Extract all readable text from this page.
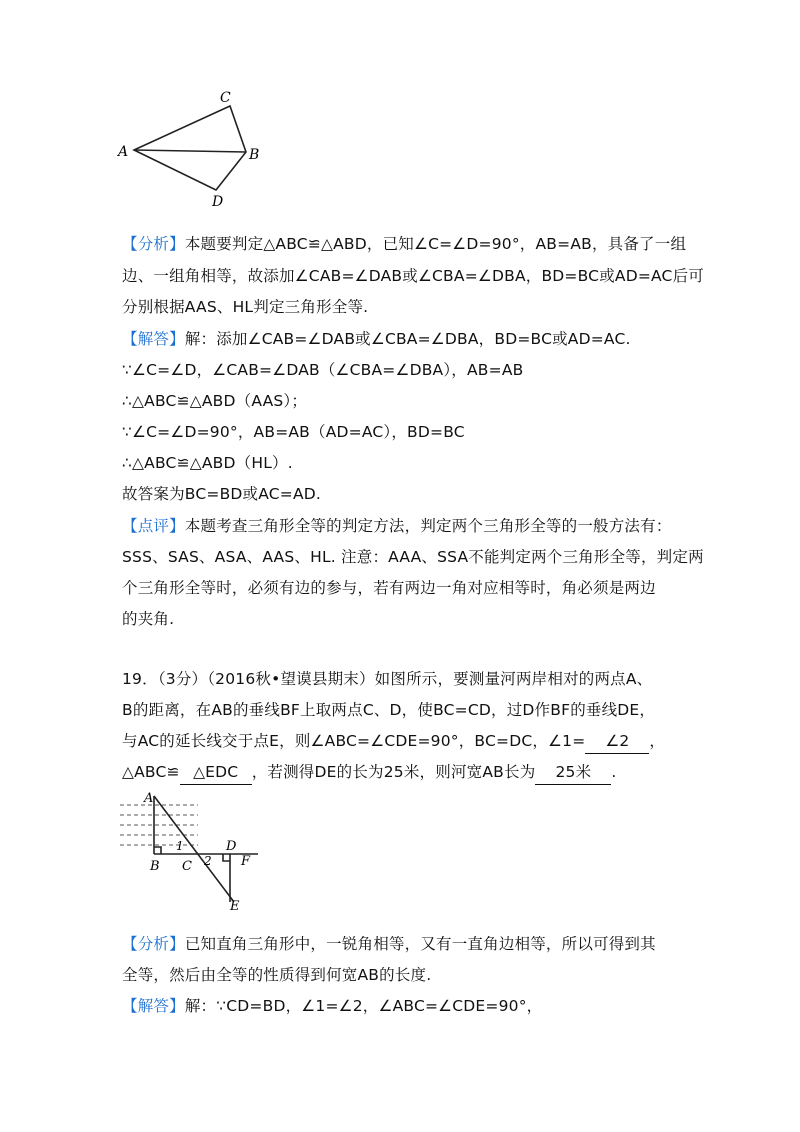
A
C
B
D
【分析】本题要判定△ABC≌△ABD，已知∠C=∠D=90°，AB=AB，具备了一组
边、一组角相等，故添加∠CAB=∠DAB或∠CBA=∠DBA，BD=BC或AD=AC后可
分别根据AAS、HL判定三角形全等.
【解答】解：添加∠CAB=∠DAB或∠CBA=∠DBA，BD=BC或AD=AC.
∵∠C=∠D，∠CAB=∠DAB（∠CBA=∠DBA），AB=AB
∴△ABC≌△ABD（AAS）；
∵∠C=∠D=90°，AB=AB（AD=AC），BD=BC
∴△ABC≌△ABD（HL）.
故答案为BC=BD或AC=AD.
【点评】本题考查三角形全等的判定方法，判定两个三角形全等的一般方法有：
SSS、SAS、ASA、AAS、HL. 注意：AAA、SSA不能判定两个三角形全等，判定两
个三角形全等时，必须有边的参与，若有两边一角对应相等时，角必须是两边
的夹角.
19．（3分）（2016秋•望谟县期末）如图所示，要测量河两岸相对的两点A、
B的距离，在AB的垂线BF上取两点C、D，使BC=CD，过D作BF的垂线DE，
与AC的延长线交于点E，则∠ABC=∠CDE=90°，BC=DC，∠1= ∠2 ，
△ABC≌ △EDC ，若测得DE的长为25米，则河宽AB长为 25米 .
A
B C
D
F
E
1
2
【分析】已知直角三角形中，一锐角相等，又有一直角边相等，所以可得到其
全等，然后由全等的性质得到何宽AB的长度.
【解答】解：∵CD=BD，∠1=∠2，∠ABC=∠CDE=90°，
